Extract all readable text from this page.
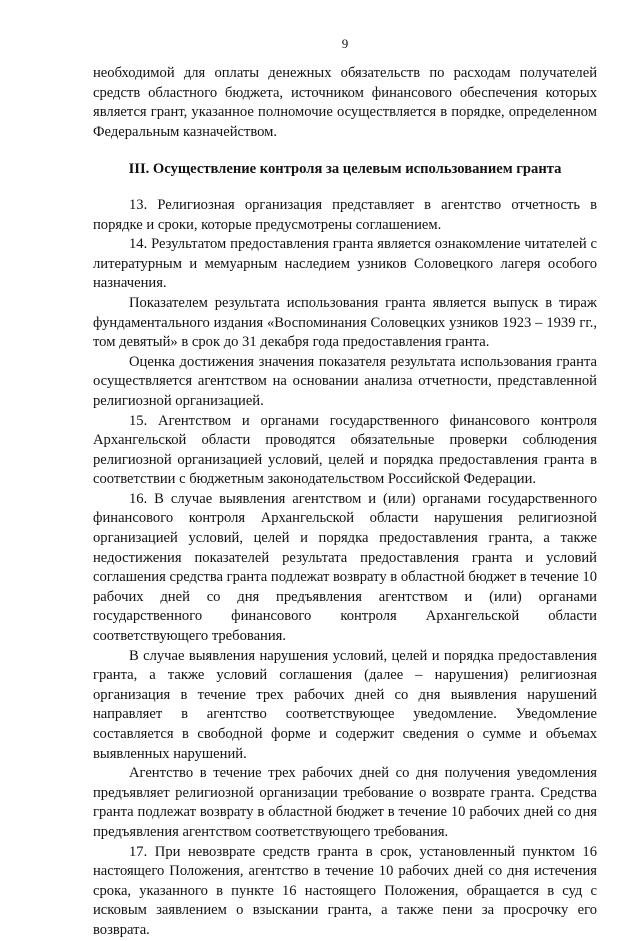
9

необходимой для оплаты денежных обязательств по расходам получателей средств областного бюджета, источником финансового обеспечения которых является грант, указанное полномочие осуществляется в порядке, определенном Федеральным казначейством.

III. Осуществление контроля за целевым использованием гранта

13. Религиозная организация представляет в агентство отчетность в порядке и сроки, которые предусмотрены соглашением.

14. Результатом предоставления гранта является ознакомление читателей с литературным и мемуарным наследием узников Соловецкого лагеря особого назначения.

Показателем результата использования гранта является выпуск в тираж фундаментального издания «Воспоминания Соловецких узников 1923 – 1939 гг., том девятый» в срок до 31 декабря года предоставления гранта.

Оценка достижения значения показателя результата использования гранта осуществляется агентством на основании анализа отчетности, представленной религиозной организацией.

15. Агентством и органами государственного финансового контроля Архангельской области проводятся обязательные проверки соблюдения религиозной организацией условий, целей и порядка предоставления гранта в соответствии с бюджетным законодательством Российской Федерации.

16. В случае выявления агентством и (или) органами государственного финансового контроля Архангельской области нарушения религиозной организацией условий, целей и порядка предоставления гранта, а также недостижения показателей результата предоставления гранта и условий соглашения средства гранта подлежат возврату в областной бюджет в течение 10 рабочих дней со дня предъявления агентством и (или) органами государственного финансового контроля Архангельской области соответствующего требования.

В случае выявления нарушения условий, целей и порядка предоставления гранта, а также условий соглашения (далее – нарушения) религиозная организация в течение трех рабочих дней со дня выявления нарушений направляет в агентство соответствующее уведомление. Уведомление составляется в свободной форме и содержит сведения о сумме и объемах выявленных нарушений.

Агентство в течение трех рабочих дней со дня получения уведомления предъявляет религиозной организации требование о возврате гранта. Средства гранта подлежат возврату в областной бюджет в течение 10 рабочих дней со дня предъявления агентством соответствующего требования.

17. При невозврате средств гранта в срок, установленный пунктом 16 настоящего Положения, агентство в течение 10 рабочих дней со дня истечения срока, указанного в пункте 16 настоящего Положения, обращается в суд с исковым заявлением о взыскании гранта, а также пени за просрочку его возврата.
